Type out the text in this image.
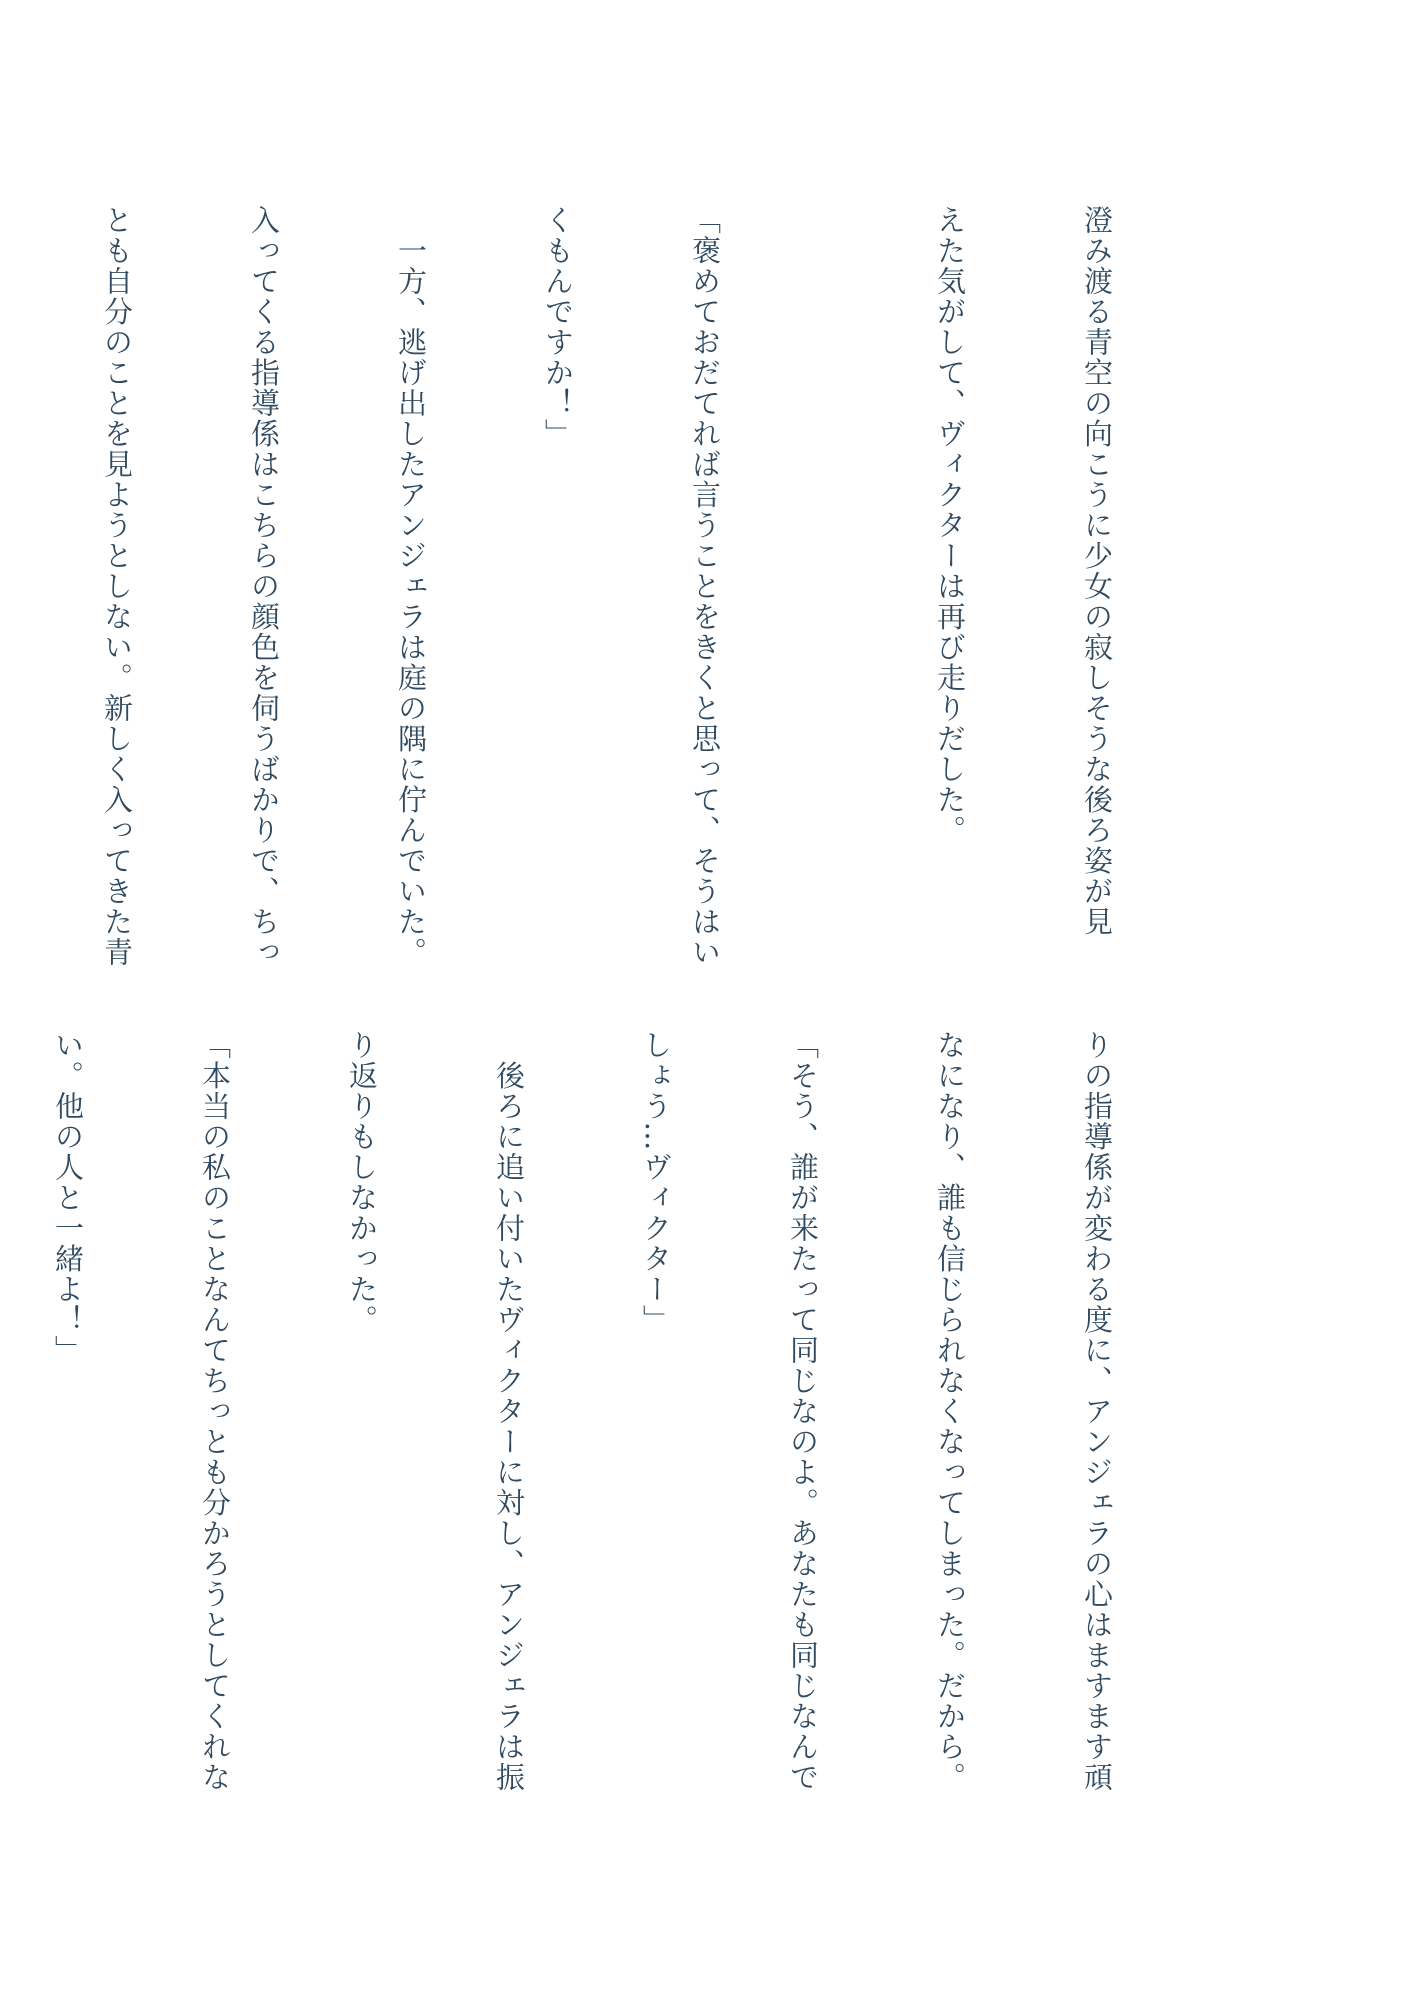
澄み渡る青空の向こうに少女の寂しそうな後ろ姿が見

えた気がして、ヴィクターは再び走りだした。

「褒めておだてれば言うことをきくと思って、そうはい

くもんですか！」

　一方、逃げ出したアンジェラは庭の隅に佇んでいた。

入ってくる指導係はこちらの顔色を伺うばかりで、ちっ

とも自分のことを見ようとしない。新しく入ってきた青

りの指導係が変わる度に、アンジェラの心はますます頑

なになり、誰も信じられなくなってしまった。だから。

「そう、誰が来たって同じなのよ。あなたも同じなんで

しょう…ヴィクター」

　後ろに追い付いたヴィクターに対し、アンジェラは振

り返りもしなかった。

「本当の私のことなんてちっとも分かろうとしてくれな

い。他の人と一緒よ！」
